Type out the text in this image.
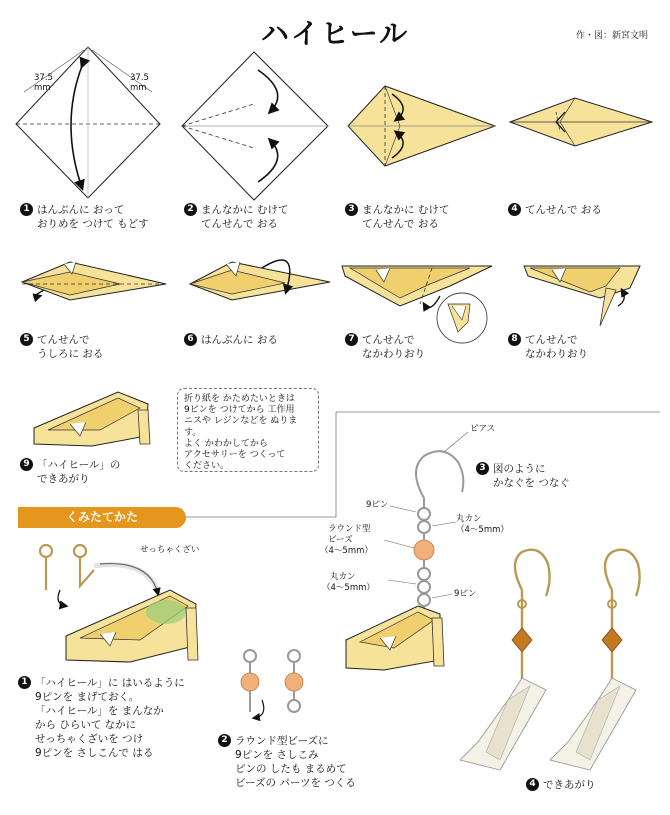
ハイヒール	作・図：新宮文明
37.5
mm
37.5
mm
1 はんぶんに おって
おりめを つけて もどす
2 まんなかに むけて
てんせんで おる
3 まんなかに むけて
てんせんで おる
4 てんせんで おる
5 てんせんで
うしろに おる
6 はんぶんに おる	7 てんせんで
なかわりおり
8 てんせんで
なかわりおり
9 「ハイヒール」の
できあがり
折り紙を かためたいときは
9ピンを つけてから 工作用
ニスや レジンなどを ぬります。
よく かわかしてから
アクセサリーを つくって
ください。
くみたてかた
せっちゃくざい
1 「ハイヒール」に はいるように
9ピンを まげておく。
「ハイヒール」を まんなか
から ひらいて なかに
せっちゃくざいを つけ
9ピンを さしこんで はる
2 ラウンド型ビーズに
9ピンを さしこみ
ピンの したも まるめて
ビーズの パーツを つくる
3 図のように
かなぐを つなぐ
4 できあがり
ピアス
9ピン
丸カン
（4〜5mm）
ラウンド型
ビーズ
（4〜5mm）
丸カン
（4〜5mm）
9ピン
